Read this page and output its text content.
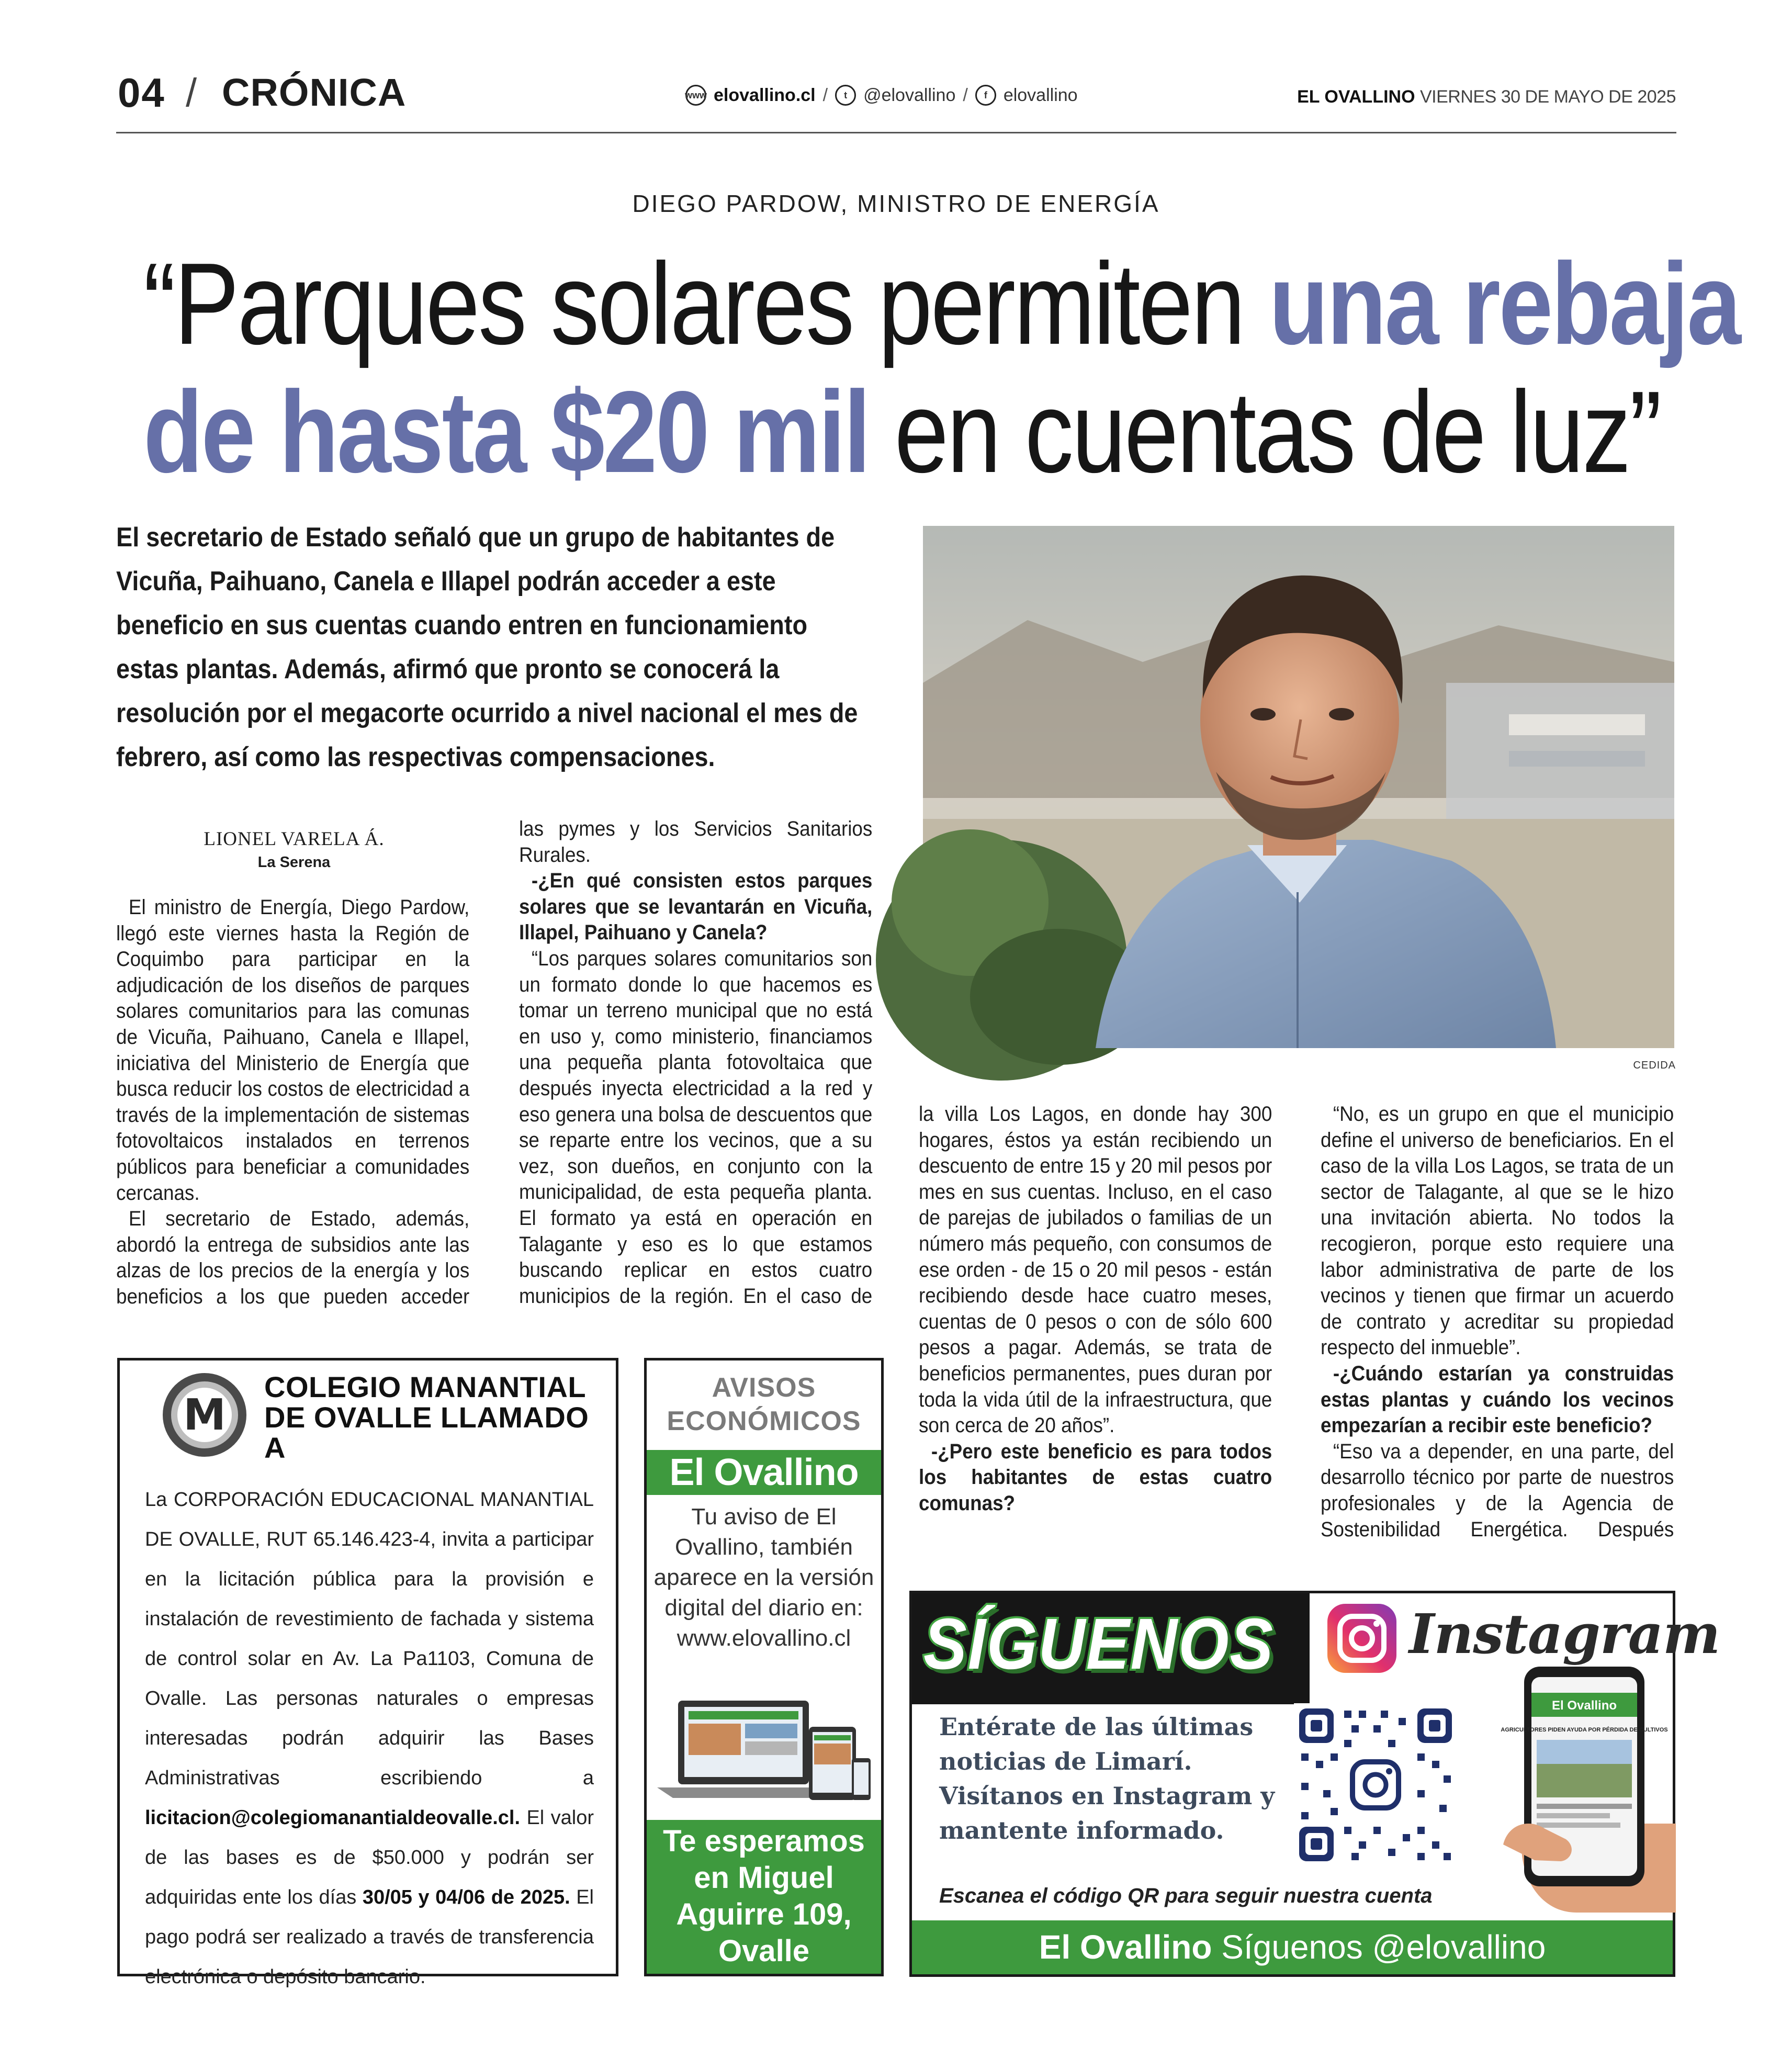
04 / CRÓNICA	www elovallino.cl /	t @elovallino /	f elovallino	EL OVALLINO VIERNES 30 DE MAYO DE 2025
DIEGO PARDOW, MINISTRO DE ENERGÍA
“Parques solares permiten una rebaja
de hasta $20 mil en cuentas de luz”
El secretario de Estado señaló que un grupo de habitantes de Vicuña, Paihuano, Canela e Illapel podrán acceder a este beneficio en sus cuentas cuando entren en funcionamiento estas plantas. Además, afirmó que pronto se conocerá la resolución por el megacorte ocurrido a nivel nacional el mes de febrero, así como las respectivas compensaciones.
CEDIDA
LIONEL VARELA Á.
La Serena

El ministro de Energía, Diego Pardow, llegó este viernes hasta la Región de Coquimbo para participar en la adjudicación de los diseños de parques solares comunitarios para las comunas de Vicuña, Paihuano, Canela e Illapel, iniciativa del Ministerio de Energía que busca reducir los costos de electricidad a través de la implementación de sistemas fotovoltaicos instalados en terrenos públicos para beneficiar a comunidades cercanas.

El secretario de Estado, además, abordó la entrega de subsidios ante las alzas de los precios de la energía y los beneficios a los que pueden acceder

las pymes y los Servicios Sanitarios Rurales.

-¿En qué consisten estos parques solares que se levantarán en Vicuña, Illapel, Paihuano y Canela?

“Los parques solares comunitarios son un formato donde lo que hacemos es tomar un terreno municipal que no está en uso y, como ministerio, financiamos una pequeña planta fotovoltaica que después inyecta electricidad a la red y eso genera una bolsa de descuentos que se reparte entre los vecinos, que a su vez, son dueños, en conjunto con la municipalidad, de esta pequeña planta. El formato ya está en operación en Talagante y eso es lo que estamos buscando replicar en estos cuatro municipios de la región. En el caso de

la villa Los Lagos, en donde hay 300 hogares, éstos ya están recibiendo un descuento de entre 15 y 20 mil pesos por mes en sus cuentas. Incluso, en el caso de parejas de jubilados o familias de un número más pequeño, con consumos de ese orden - de 15 o 20 mil pesos - están recibiendo desde hace cuatro meses, cuentas de 0 pesos o con de sólo 600 pesos a pagar. Además, se trata de beneficios permanentes, pues duran por toda la vida útil de la infraestructura, que son cerca de 20 años”.

-¿Pero este beneficio es para todos los habitantes de estas cuatro comunas?

“No, es un grupo en que el municipio define el universo de beneficiarios. En el caso de la villa Los Lagos, se trata de un sector de Talagante, al que se le hizo una invitación abierta. No todos la recogieron, porque esto requiere una labor administrativa de parte de los vecinos y tienen que firmar un acuerdo de contrato y acreditar su propiedad respecto del inmueble”.

-¿Cuándo estarían ya construidas estas plantas y cuándo los vecinos empezarían a recibir este beneficio?

“Eso va a depender, en una parte, del desarrollo técnico por parte de nuestros profesionales y de la Agencia de Sostenibilidad Energética. Después

M
COLEGIO MANANTIAL DE OVALLE LLAMADO A
La CORPORACIÓN EDUCACIONAL MANANTIAL DE OVALLE, RUT 65.146.423-4, invita a participar en la licitación pública para la provisión e instalación de revestimiento de fachada y sistema de control solar en Av. La Pa1103, Comuna de Ovalle. Las personas naturales o empresas interesadas podrán adquirir las Bases Administrativas escribiendo a licitacion@colegiomanantialdeovalle.cl. El valor de las bases es de $50.000 y podrán ser adquiridas ente los días 30/05 y 04/06 de 2025. El pago podrá ser realizado a través de transferencia electrónica o depósito bancario.
AVISOS ECONÓMICOS
El Ovallino
Tu aviso de El Ovallino, también aparece en la versión digital del diario en: www.elovallino.cl
Te esperamos en Miguel Aguirre 109, Ovalle
SÍGUENOS Instagram
Entérate de las últimas noticias de Limarí. Visítanos en Instagram y mantente informado.
El Ovallino
AGRICULTORES PIDEN AYUDA POR PÉRDIDA DE CULTIVOS
Escanea el código QR para seguir nuestra cuenta
El Ovallino Síguenos @elovallino
